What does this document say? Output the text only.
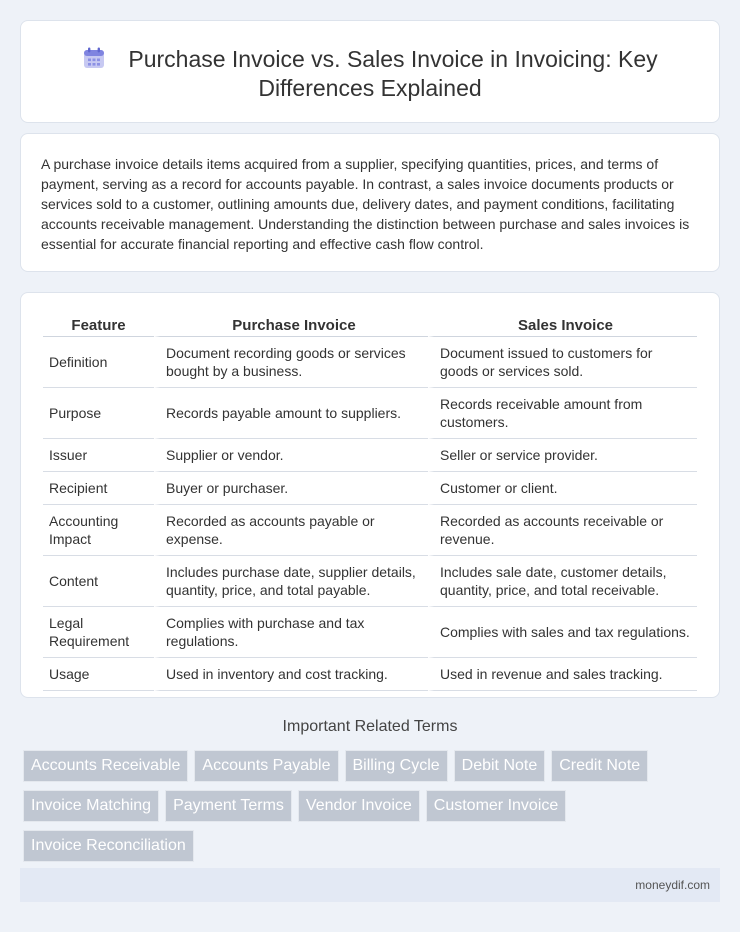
Purchase Invoice vs. Sales Invoice in Invoicing: Key
Differences Explained

A purchase invoice details items acquired from a supplier, specifying quantities, prices, and terms of payment, serving as a record for accounts payable. In contrast, a sales invoice documents products or services sold to a customer, outlining amounts due, delivery dates, and payment conditions, facilitating accounts receivable management. Understanding the distinction between purchase and sales invoices is essential for accurate financial reporting and effective cash flow control.

Feature	Purchase Invoice	Sales Invoice
Definition	Document recording goods or services bought by a business.	Document issued to customers for goods or services sold.
Purpose	Records payable amount to suppliers.	Records receivable amount from customers.
Issuer	Supplier or vendor.	Seller or service provider.
Recipient	Buyer or purchaser.	Customer or client.
Accounting Impact	Recorded as accounts payable or expense.	Recorded as accounts receivable or revenue.
Content	Includes purchase date, supplier details, quantity, price, and total payable.	Includes sale date, customer details, quantity, price, and total receivable.
Legal Requirement	Complies with purchase and tax regulations.	Complies with sales and tax regulations.
Usage	Used in inventory and cost tracking.	Used in revenue and sales tracking.
Important Related Terms
Accounts Receivable Accounts Payable Billing Cycle Debit Note Credit Note
Invoice Matching Payment Terms Vendor Invoice Customer Invoice
Invoice Reconciliation
moneydif.com
